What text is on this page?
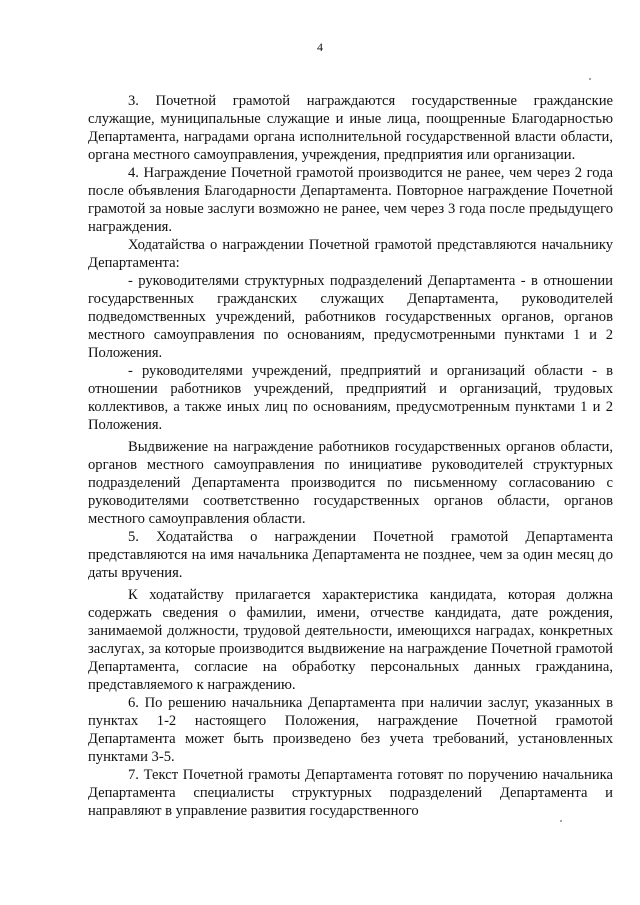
4

3. Почетной грамотой награждаются государственные гражданские служащие, муниципальные служащие и иные лица, поощренные Благодарностью Департамента, наградами органа исполнительной государственной власти области, органа местного самоуправления, учреждения, предприятия или организации.

4. Награждение Почетной грамотой производится не ранее, чем через 2 года после объявления Благодарности Департамента. Повторное награждение Почетной грамотой за новые заслуги возможно не ранее, чем через 3 года после предыдущего награждения.

Ходатайства о награждении Почетной грамотой представляются начальнику Департамента:

- руководителями структурных подразделений Департамента - в отношении государственных гражданских служащих Департамента, руководителей подведомственных учреждений, работников государственных органов, органов местного самоуправления по основаниям, предусмотренными пунктами 1 и 2 Положения.

- руководителями учреждений, предприятий и организаций области - в отношении работников учреждений, предприятий и организаций, трудовых коллективов, а также иных лиц по основаниям, предусмотренным пунктами 1 и 2 Положения.

Выдвижение на награждение работников государственных органов области, органов местного самоуправления по инициативе руководителей структурных подразделений Департамента производится по письменному согласованию с руководителями соответственно государственных органов области, органов местного самоуправления области.

5. Ходатайства о награждении Почетной грамотой Департамента представляются на имя начальника Департамента не позднее, чем за один месяц до даты вручения.

К ходатайству прилагается характеристика кандидата, которая должна содержать сведения о фамилии, имени, отчестве кандидата, дате рождения, занимаемой должности, трудовой деятельности, имеющихся наградах, конкретных заслугах, за которые производится выдвижение на награждение Почетной грамотой Департамента, согласие на обработку персональных данных гражданина, представляемого к награждению.

6. По решению начальника Департамента при наличии заслуг, указанных в пунктах 1-2 настоящего Положения, награждение Почетной грамотой Департамента может быть произведено без учета требований, установленных пунктами 3-5.

7. Текст Почетной грамоты Департамента готовят по поручению начальника Департамента специалисты структурных подразделений Департамента и направляют в управление развития государственного
